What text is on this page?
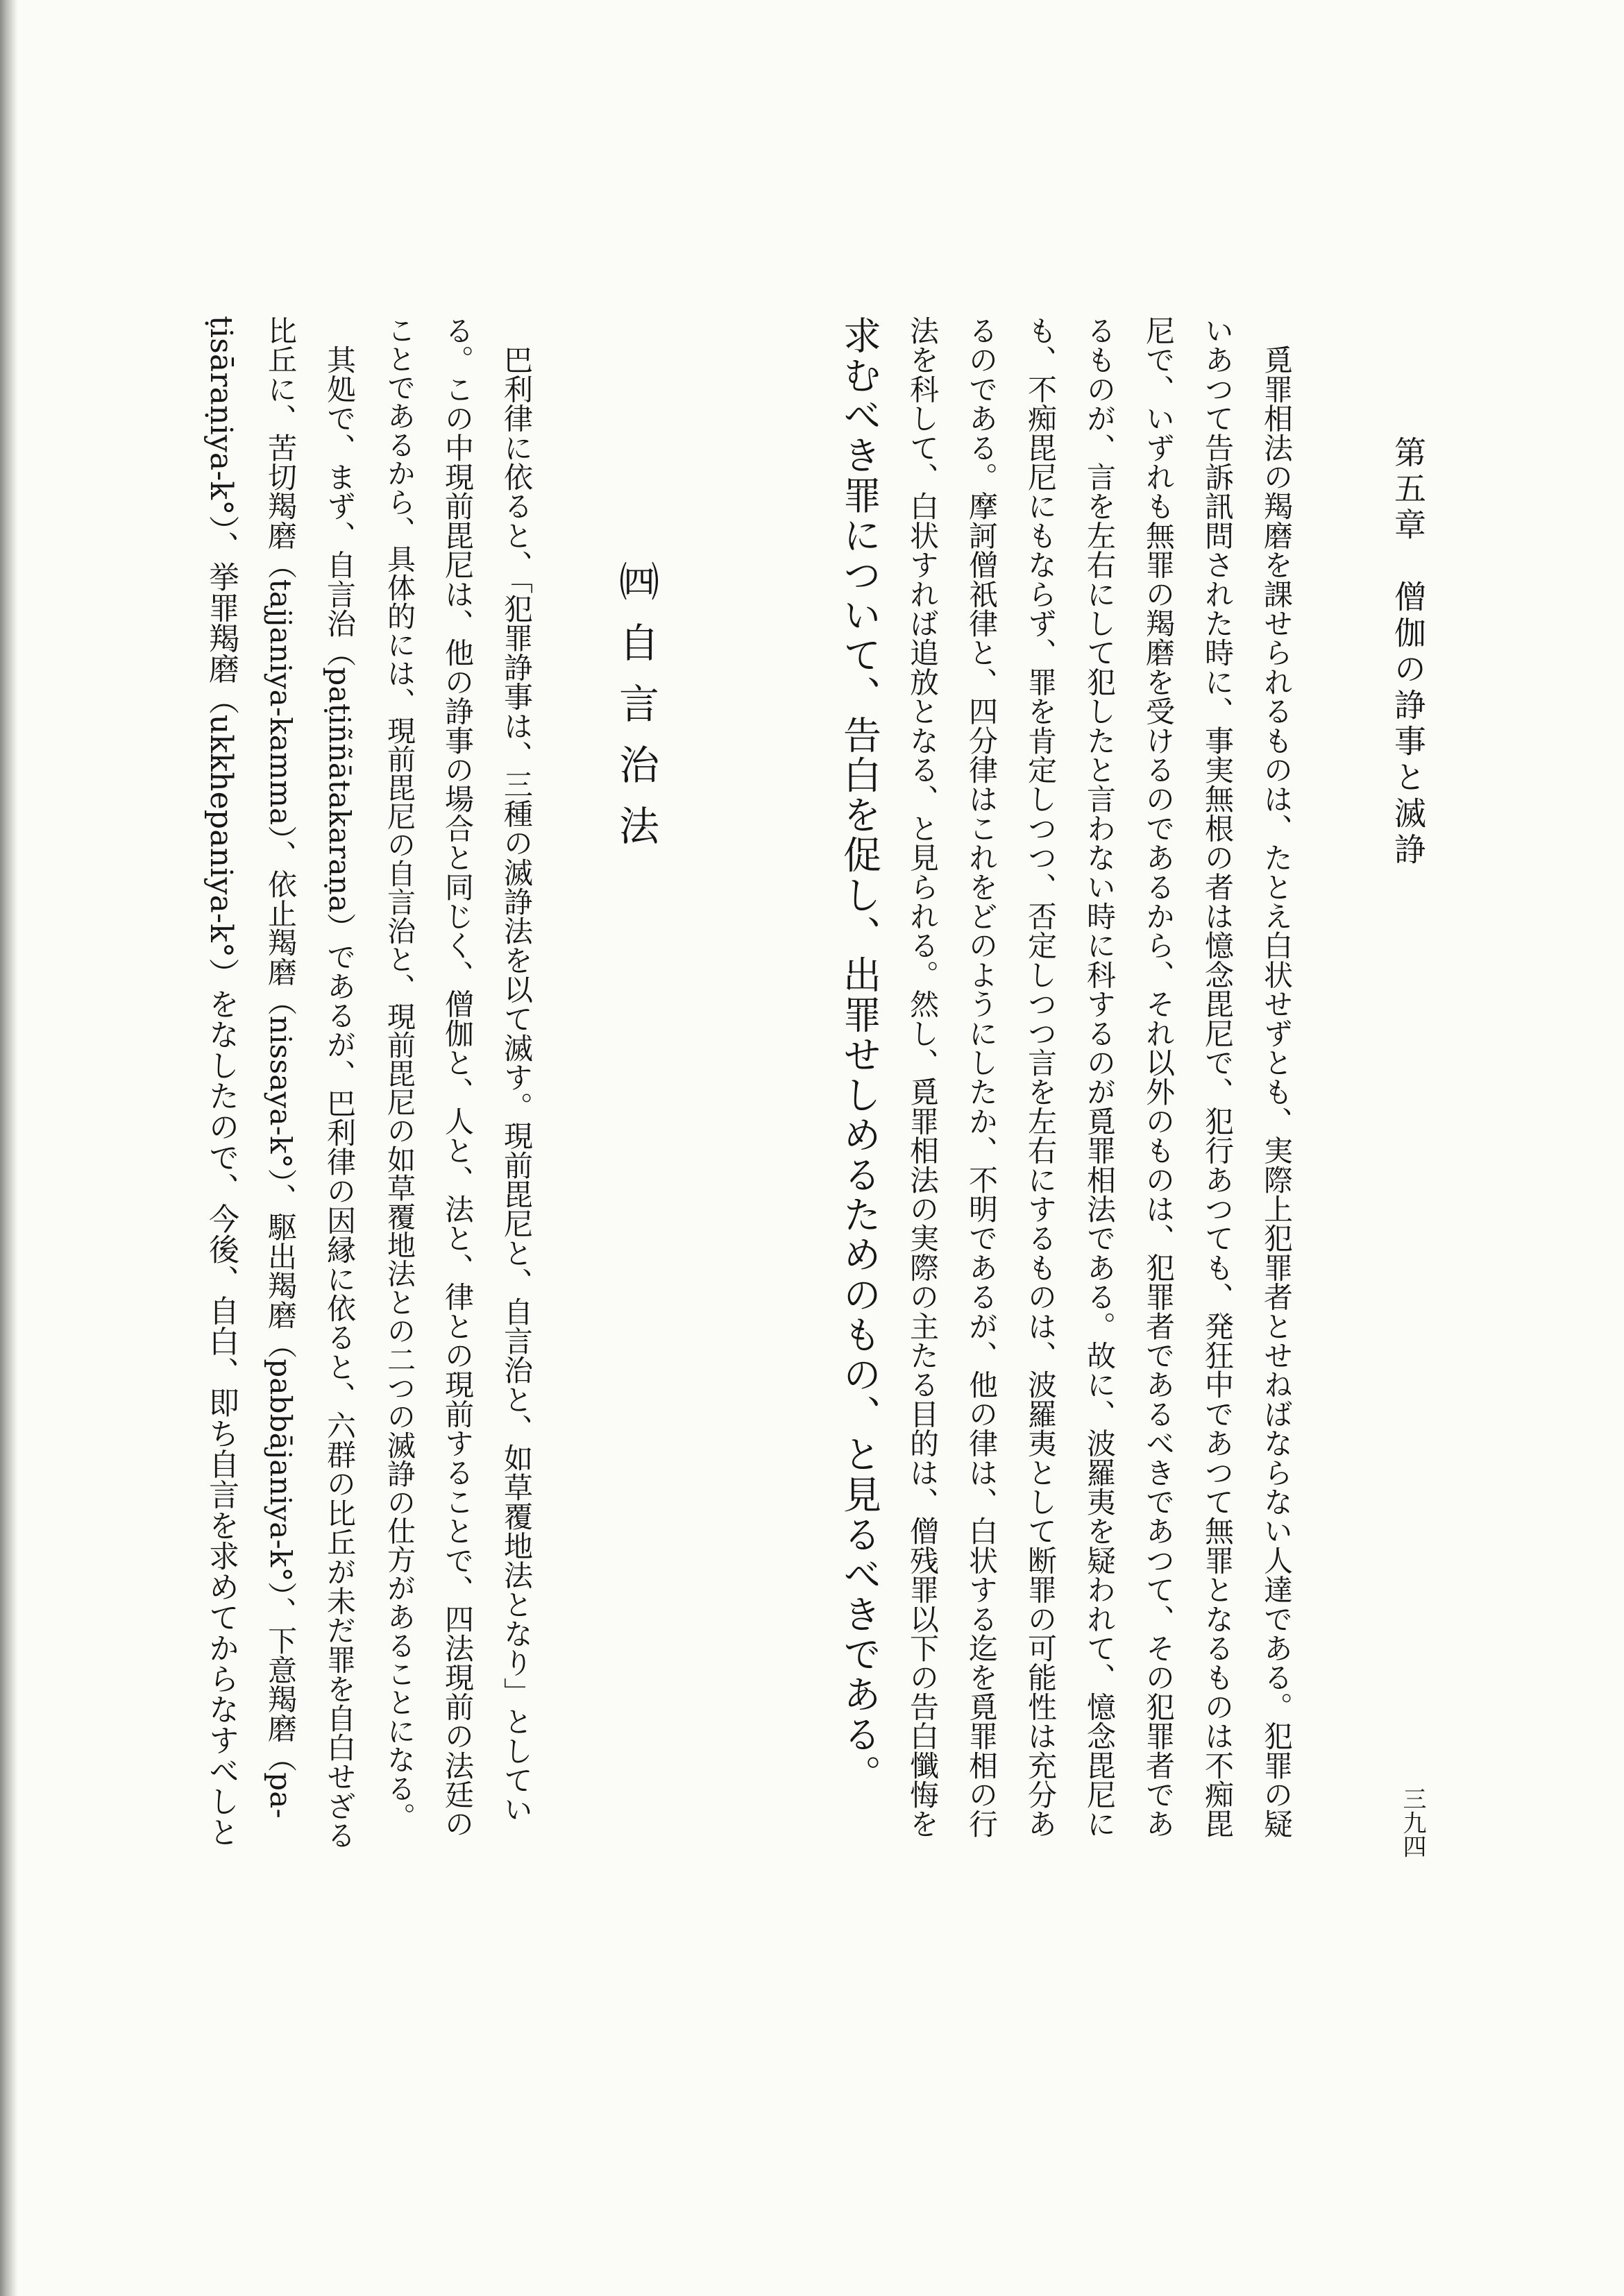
第五章　僧伽の諍事と滅諍
三九四
　覓罪相法の羯磨を課せられるものは、たとえ白状せずとも、実際上犯罪者とせねばならない人達である。犯罪の疑
いあつて告訴訊問された時に、事実無根の者は憶念毘尼で、犯行あつても、発狂中であつて無罪となるものは不痴毘
尼で、いずれも無罪の羯磨を受けるのであるから、それ以外のものは、犯罪者であるべきであつて、その犯罪者であ
るものが、言を左右にして犯したと言わない時に科するのが覓罪相法である。故に、波羅夷を疑われて、憶念毘尼に
も、不痴毘尼にもならず、罪を肯定しつつ、否定しつつ言を左右にするものは、波羅夷として断罪の可能性は充分あ
るのである。摩訶僧祇律と、四分律はこれをどのようにしたか、不明であるが、他の律は、白状する迄を覓罪相の行
法を科して、白状すれば追放となる、と見られる。然し、覓罪相法の実際の主たる目的は、僧残罪以下の告白懺悔を
求むべき罪について、告白を促し、出罪せしめるためのもの、と見るべきである。
㈣自言治法
　巴利律に依ると、「犯罪諍事は、三種の滅諍法を以て滅す。現前毘尼と、自言治と、如草覆地法となり」としてい
る。この中現前毘尼は、他の諍事の場合と同じく、僧伽と、人と、法と、律との現前することで、四法現前の法廷の
ことであるから、具体的には、現前毘尼の自言治と、現前毘尼の如草覆地法との二つの滅諍の仕方があることになる。
　其処で、まず、自言治（paṭiññātakaraṇa）であるが、巴利律の因縁に依ると、六群の比丘が未だ罪を自白せざる
比丘に、苦切羯磨（tajjaniya-kamma）、依止羯磨（nissaya-k°）、駆出羯磨（pabbājaniya-k°）、下意羯磨（pa-
ṭisāraṇiya-k°）、挙罪羯磨（ukkhepaniya-k°）をなしたので、今後、自白、即ち自言を求めてからなすべしと
